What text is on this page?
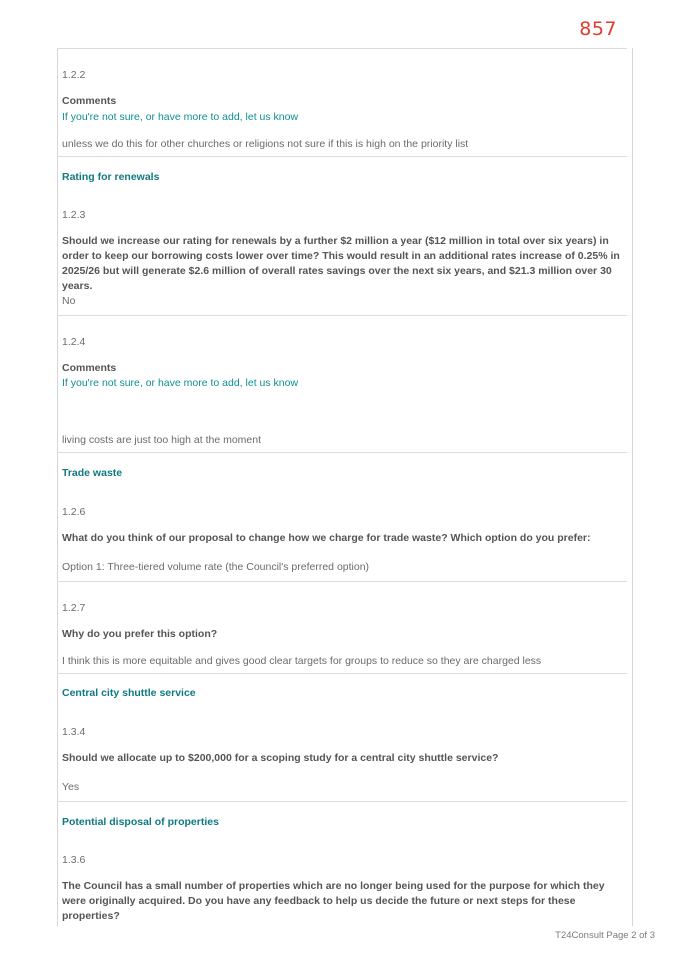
857
1.2.2
Comments
If you're not sure, or have more to add, let us know
unless we do this for other churches or religions not sure if this is high on the priority list
Rating for renewals
1.2.3
Should we increase our rating for renewals by a further $2 million a year ($12 million in total over six years) in order to keep our borrowing costs lower over time? This would result in an additional rates increase of 0.25% in 2025/26 but will generate $2.6 million of overall rates savings over the next six years, and $21.3 million over 30 years.
No
1.2.4
Comments
If you're not sure, or have more to add, let us know
living costs are just too high at the moment
Trade waste
1.2.6
What do you think of our proposal to change how we charge for trade waste? Which option do you prefer:
Option 1: Three-tiered volume rate (the Council's preferred option)
1.2.7
Why do you prefer this option?
I think this is more equitable and gives good clear targets for groups to reduce so they are charged less
Central city shuttle service
1.3.4
Should we allocate up to $200,000 for a scoping study for a central city shuttle service?
Yes
Potential disposal of properties
1.3.6
The Council has a small number of properties which are no longer being used for the purpose for which they were originally acquired. Do you have any feedback to help us decide the future or next steps for these properties?
T24Consult Page 2 of 3
